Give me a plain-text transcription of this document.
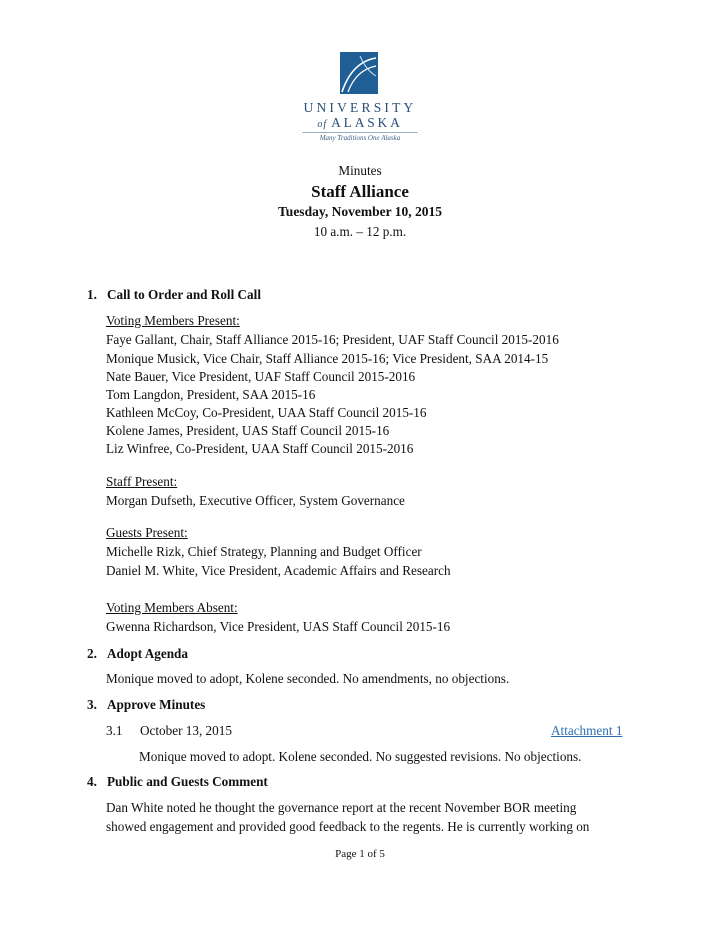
UNIVERSITY
of ALASKA
Many Traditions One Alaska
Minutes
Staff Alliance
Tuesday, November 10, 2015
10 a.m. – 12 p.m.
1. Call to Order and Roll Call
Voting Members Present:
Faye Gallant, Chair, Staff Alliance 2015-16; President, UAF Staff Council 2015-2016
Monique Musick, Vice Chair, Staff Alliance 2015-16; Vice President, SAA 2014-15
Nate Bauer, Vice President, UAF Staff Council 2015-2016
Tom Langdon, President, SAA 2015-16
Kathleen McCoy, Co-President, UAA Staff Council 2015-16
Kolene James, President, UAS Staff Council 2015-16
Liz Winfree, Co-President, UAA Staff Council 2015-2016
Staff Present:
Morgan Dufseth, Executive Officer, System Governance
Guests Present:
Michelle Rizk, Chief Strategy, Planning and Budget Officer
Daniel M. White, Vice President, Academic Affairs and Research
Voting Members Absent:
Gwenna Richardson, Vice President, UAS Staff Council 2015-16
2. Adopt Agenda
Monique moved to adopt, Kolene seconded. No amendments, no objections.
3. Approve Minutes
3.1 October 13, 2015	Attachment 1
Monique moved to adopt. Kolene seconded. No suggested revisions. No objections.
4. Public and Guests Comment
Dan White noted he thought the governance report at the recent November BOR meeting
showed engagement and provided good feedback to the regents. He is currently working on
Page 1 of 5
